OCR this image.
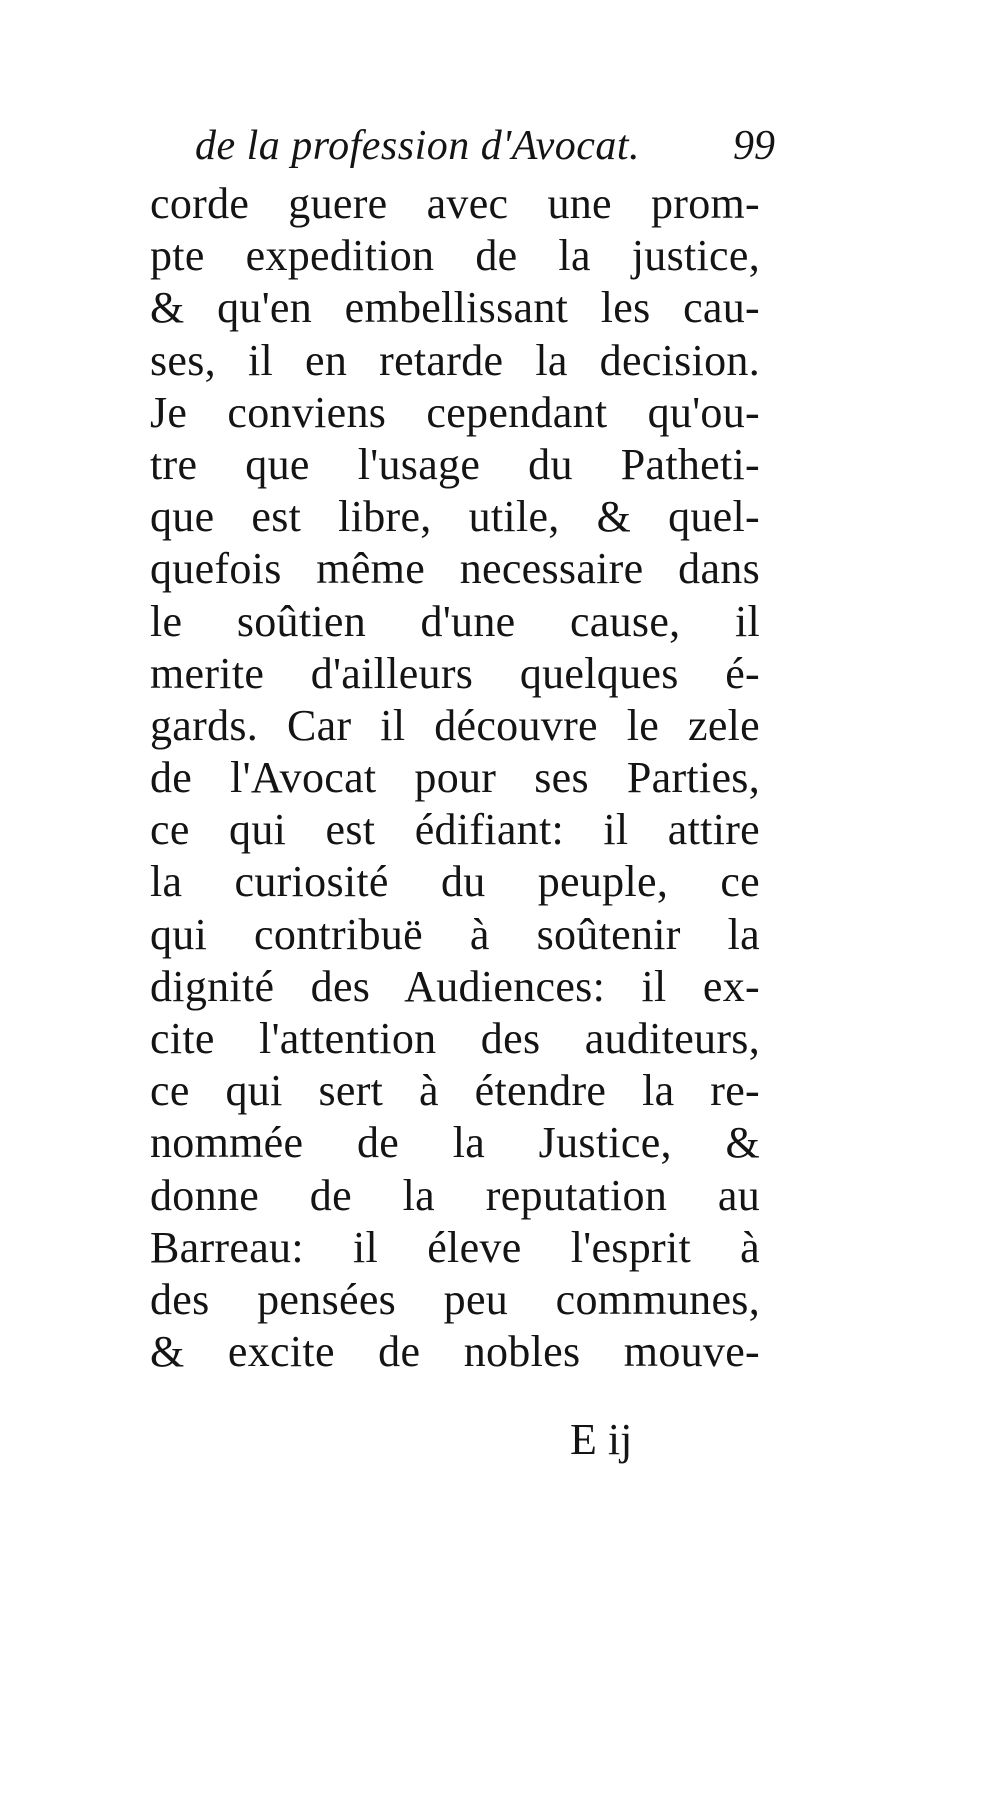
de la profession d'Avocat. 99
corde guere avec une prom-
pte expedition de la justice,
& qu'en embellissant les cau-
ses, il en retarde la decision.
Je conviens cependant qu'ou-
tre que l'usage du Patheti-
que est libre, utile, & quel-
quefois même necessaire dans
le soûtien d'une cause, il
merite d'ailleurs quelques é-
gards. Car il découvre le zele
de l'Avocat pour ses Parties,
ce qui est édifiant: il attire
la curiosité du peuple, ce
qui contribuë à soûtenir la
dignité des Audiences: il ex-
cite l'attention des auditeurs,
ce qui sert à étendre la re-
nommée de la Justice, &
donne de la reputation au
Barreau: il éleve l'esprit à
des pensées peu communes,
& excite de nobles mouve-
E ij
